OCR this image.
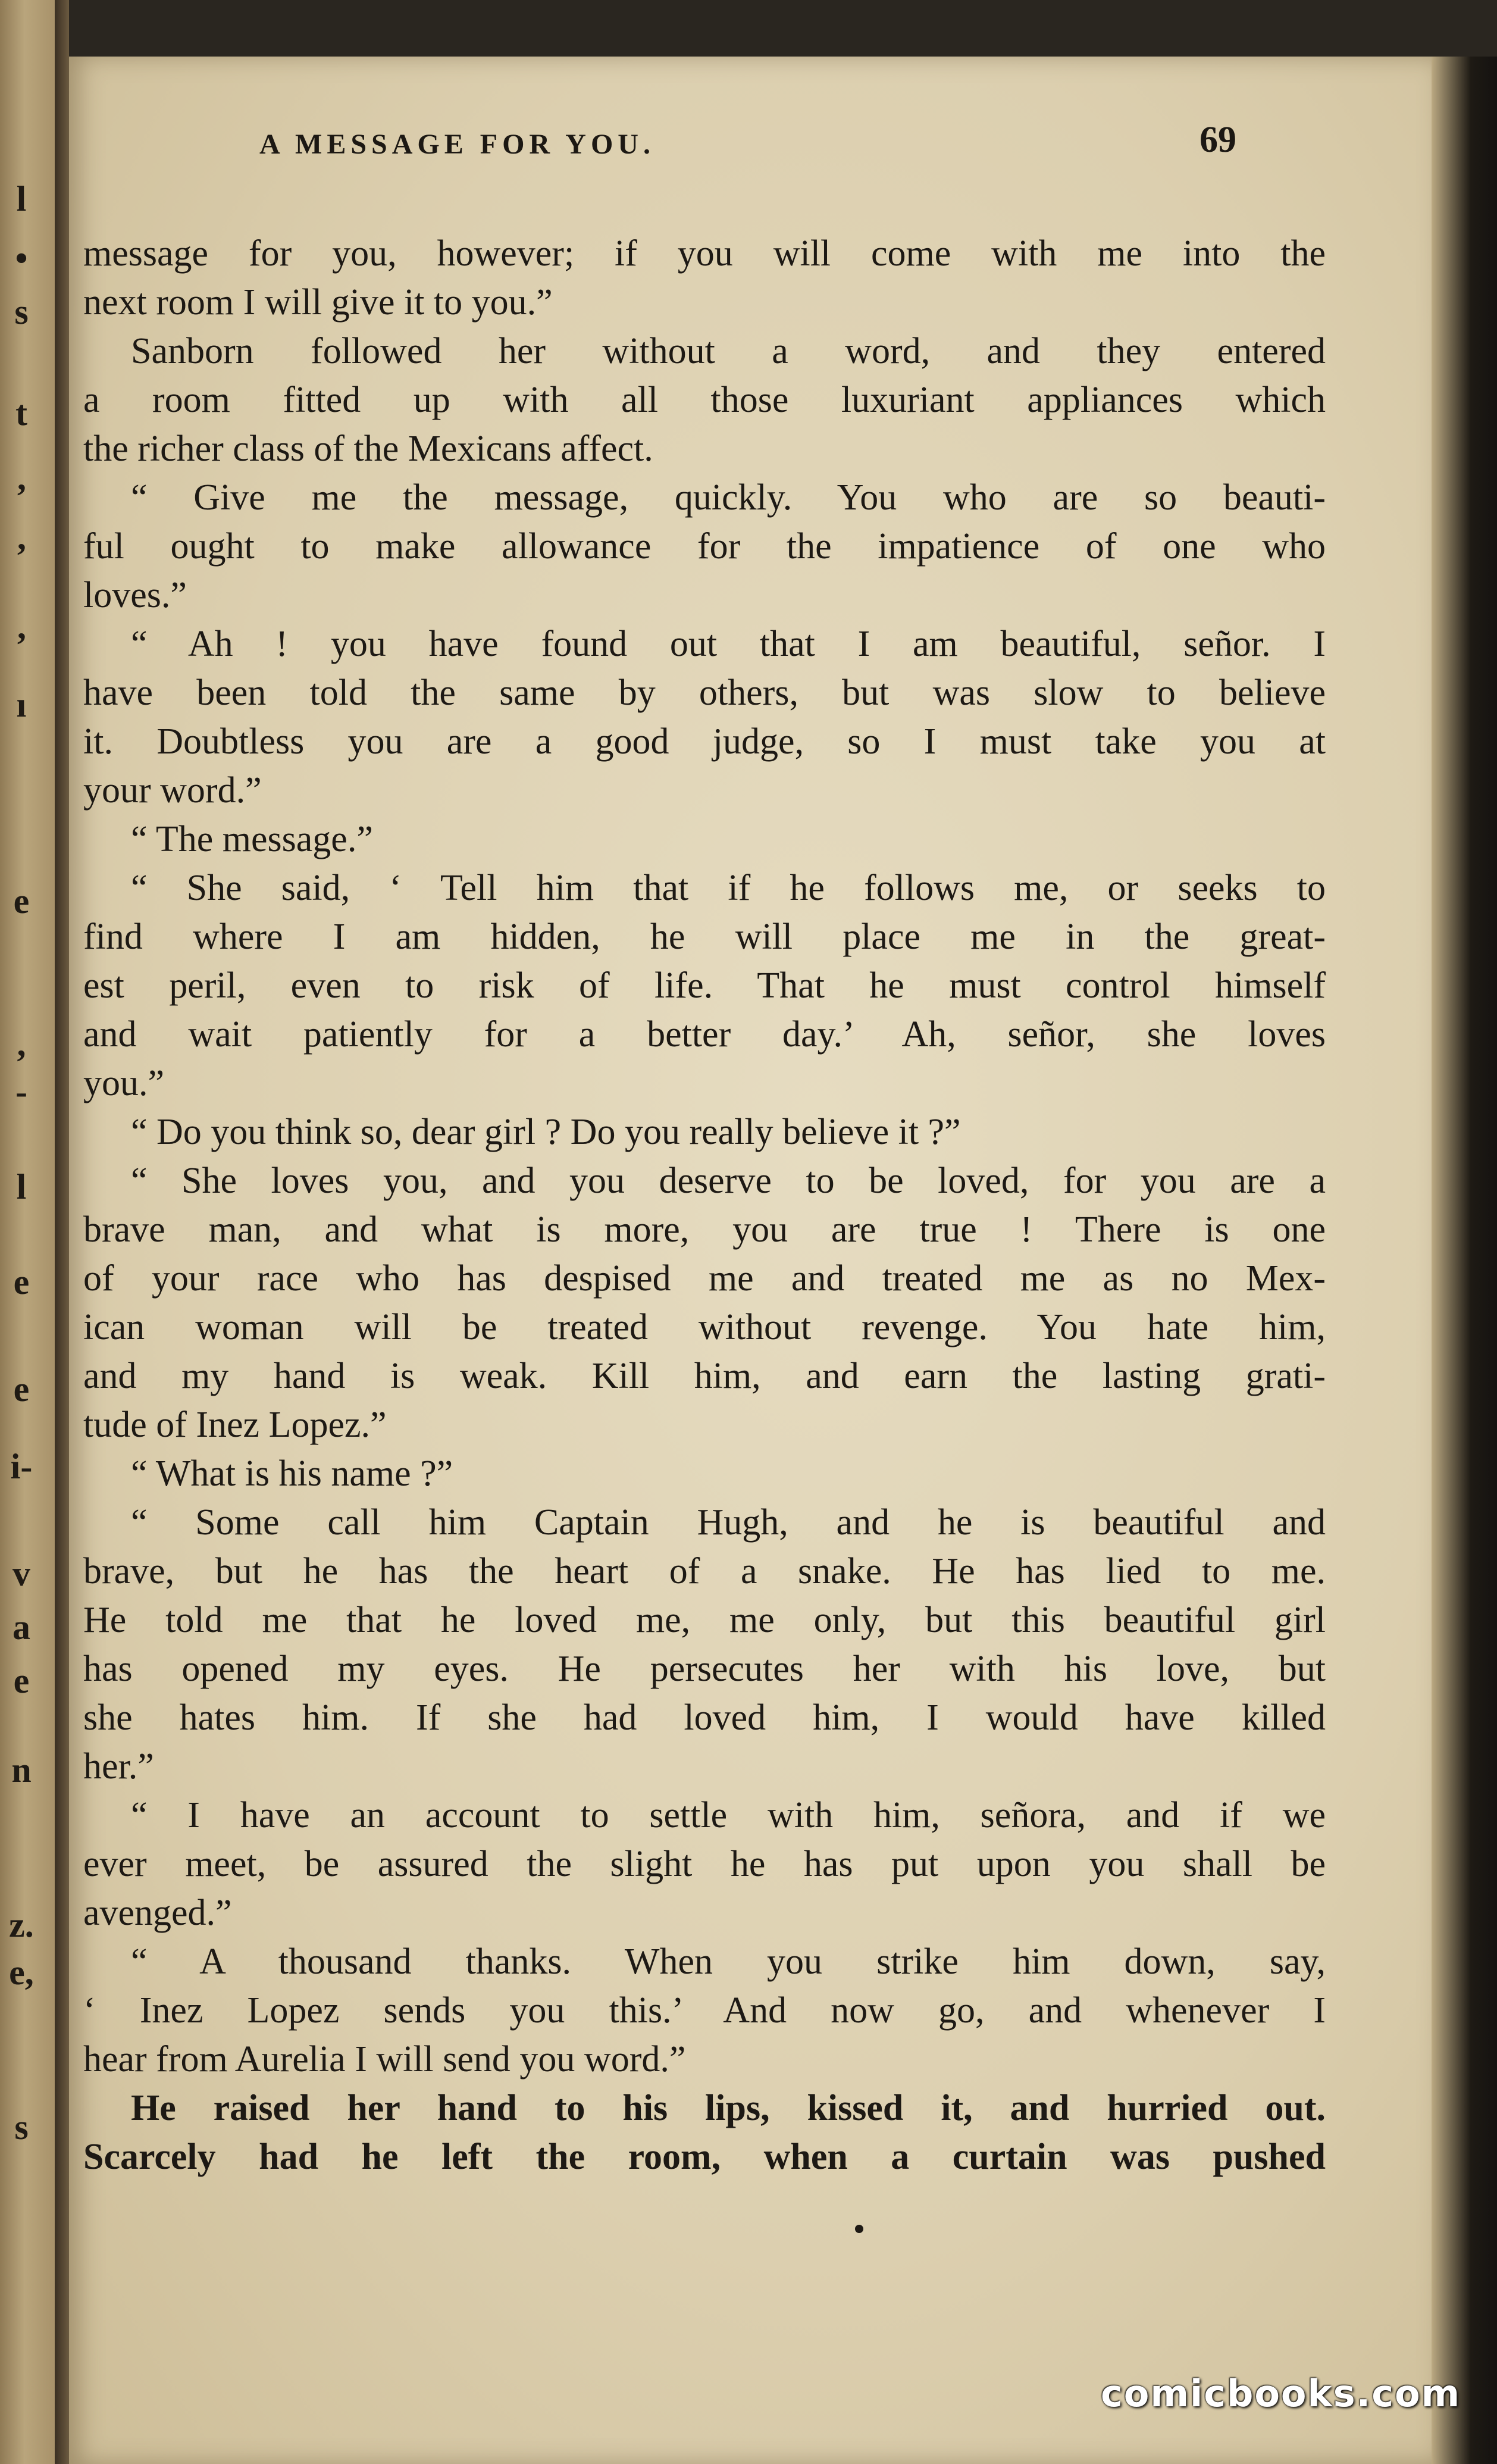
l
•
s
t
’
ʼ
’
ı
e
,
-
l
e
e
i-
v
a
e
n
z.
e,
s
A MESSAGE FOR YOU.	69
message for you, however; if you will come with me into the
next room I will give it to you.”
Sanborn followed her without a word, and they entered
a room fitted up with all those luxuriant appliances which
the richer class of the Mexicans affect.
“ Give me the message, quickly. You who are so beauti-
ful ought to make allowance for the impatience of one who
loves.”
“ Ah ! you have found out that I am beautiful, señor. I
have been told the same by others, but was slow to believe
it. Doubtless you are a good judge, so I must take you at
your word.”
“ The message.”
“ She said, ‘ Tell him that if he follows me, or seeks to
find where I am hidden, he will place me in the great-
est peril, even to risk of life. That he must control himself
and wait patiently for a better day.’ Ah, señor, she loves
you.”
“ Do you think so, dear girl ? Do you really believe it ?”
“ She loves you, and you deserve to be loved, for you are a
brave man, and what is more, you are true ! There is one
of your race who has despised me and treated me as no Mex-
ican woman will be treated without revenge. You hate him,
and my hand is weak. Kill him, and earn the lasting grati-
tude of Inez Lopez.”
“ What is his name ?”
“ Some call him Captain Hugh, and he is beautiful and
brave, but he has the heart of a snake. He has lied to me.
He told me that he loved me, me only, but this beautiful girl
has opened my eyes. He persecutes her with his love, but
she hates him. If she had loved him, I would have killed
her.”
“ I have an account to settle with him, señora, and if we
ever meet, be assured the slight he has put upon you shall be
avenged.”
“ A thousand thanks. When you strike him down, say,
‘ Inez Lopez sends you this.’ And now go, and whenever I
hear from Aurelia I will send you word.”
He raised her hand to his lips, kissed it, and hurried out.
Scarcely had he left the room, when a curtain was pushed
comicbooks.com
